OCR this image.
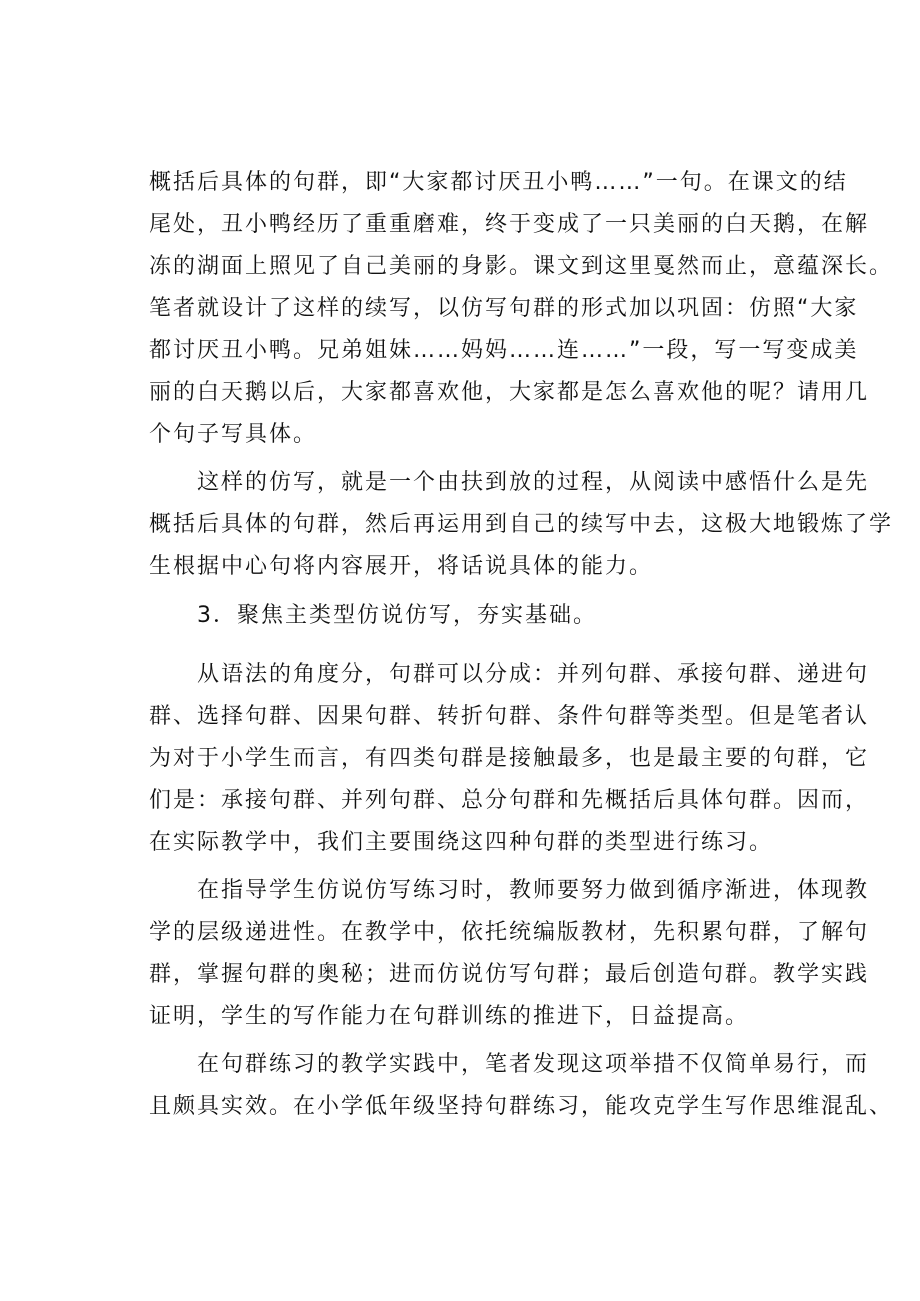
概括后具体的句群，即“大家都讨厌丑小鸭……”一句。在课文的结
尾处，丑小鸭经历了重重磨难，终于变成了一只美丽的白天鹅，在解
冻的湖面上照见了自己美丽的身影。课文到这里戛然而止，意蕴深长。
笔者就设计了这样的续写，以仿写句群的形式加以巩固：仿照“大家
都讨厌丑小鸭。兄弟姐妹……妈妈……连……”一段，写一写变成美
丽的白天鹅以后，大家都喜欢他，大家都是怎么喜欢他的呢？请用几
个句子写具体。
这样的仿写，就是一个由扶到放的过程，从阅读中感悟什么是先
概括后具体的句群，然后再运用到自己的续写中去，这极大地锻炼了学
生根据中心句将内容展开，将话说具体的能力。
3．聚焦主类型仿说仿写，夯实基础。
从语法的角度分，句群可以分成：并列句群、承接句群、递进句
群、选择句群、因果句群、转折句群、条件句群等类型。但是笔者认
为对于小学生而言，有四类句群是接触最多，也是最主要的句群，它
们是：承接句群、并列句群、总分句群和先概括后具体句群。因而，
在实际教学中，我们主要围绕这四种句群的类型进行练习。
在指导学生仿说仿写练习时，教师要努力做到循序渐进，体现教
学的层级递进性。在教学中，依托统编版教材，先积累句群，了解句
群，掌握句群的奥秘；进而仿说仿写句群；最后创造句群。教学实践
证明，学生的写作能力在句群训练的推进下，日益提高。
在句群练习的教学实践中，笔者发现这项举措不仅简单易行，而
且颇具实效。在小学低年级坚持句群练习，能攻克学生写作思维混乱、
